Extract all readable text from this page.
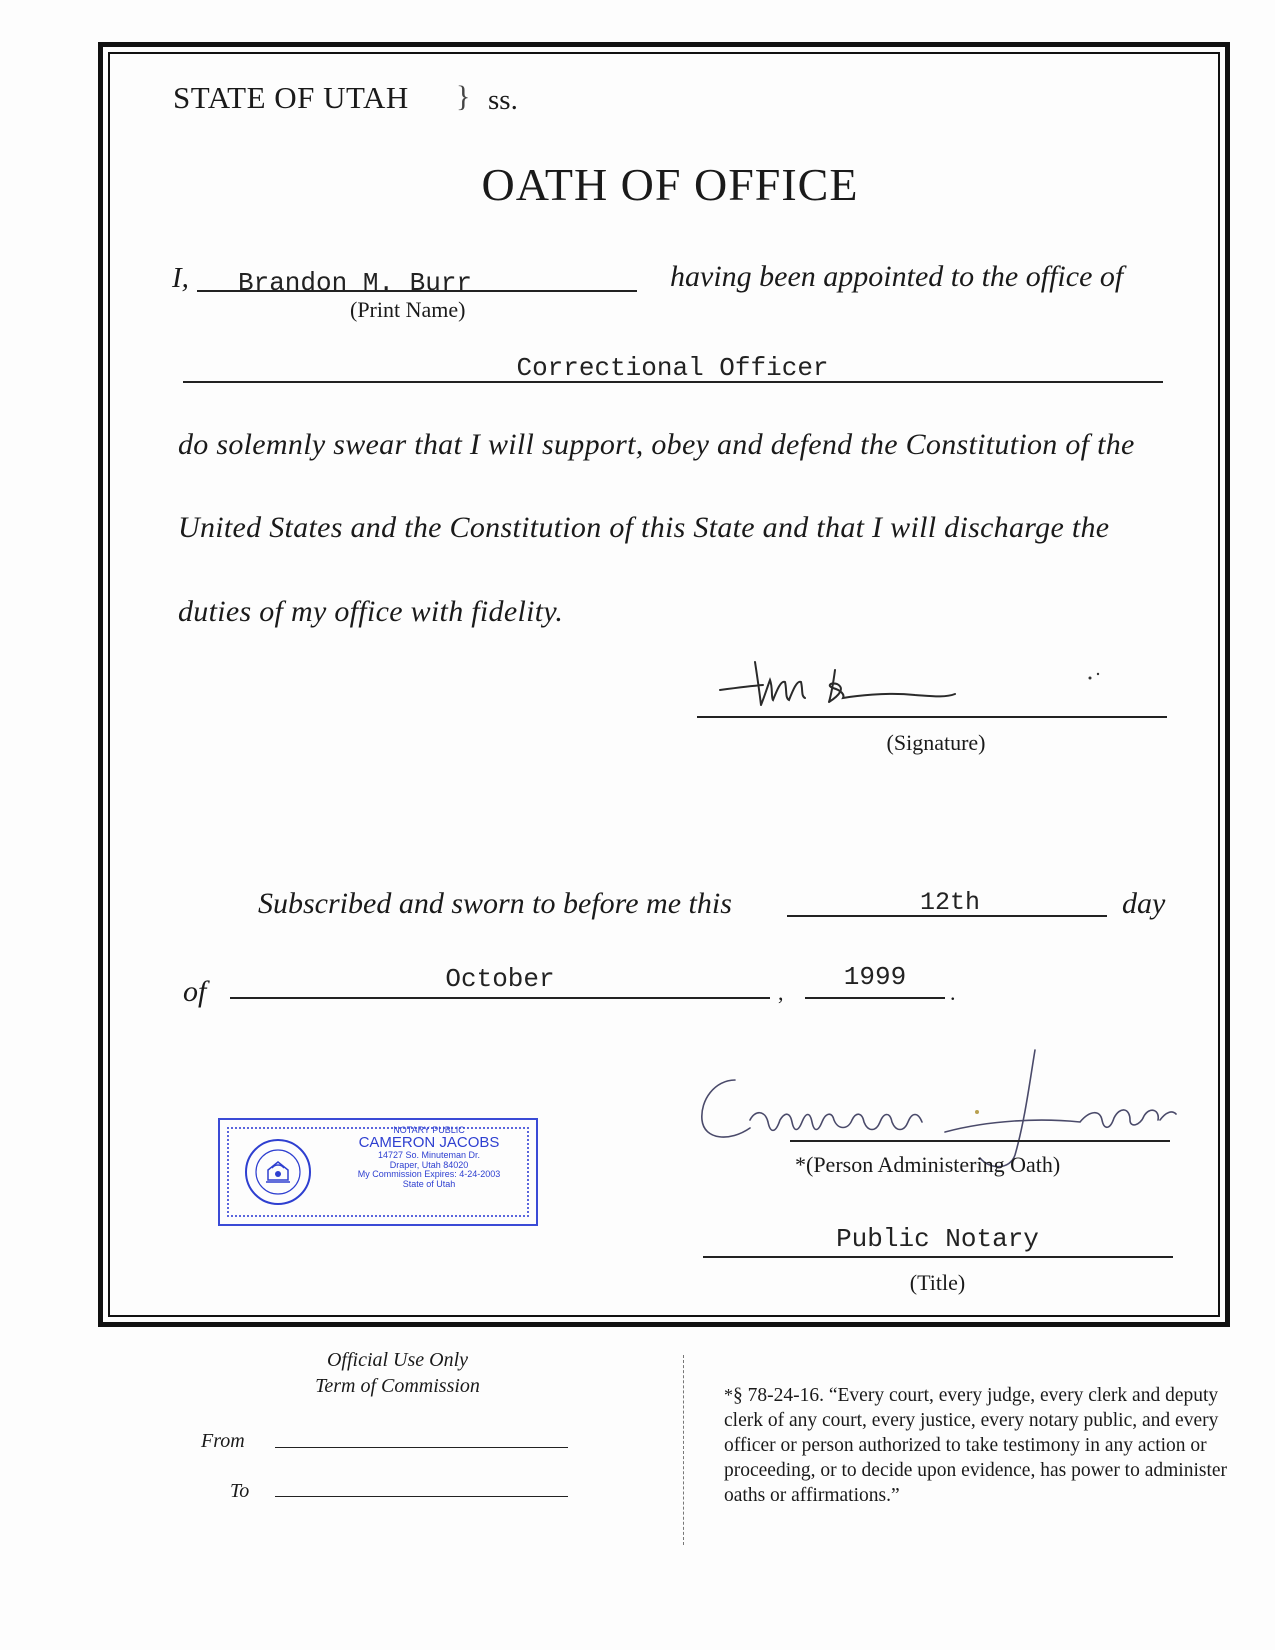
STATE OF UTAH } ss.
OATH OF OFFICE
I, Brandon M. Burr
(Print Name)
having been appointed to the office of
Correctional Officer
do solemnly swear that I will support, obey and defend the Constitution of the
United States and the Constitution of this State and that I will discharge the
duties of my office with fidelity.
(Signature)
Subscribed and sworn to before me this	12th	day
of	October	,
1999
.
NOTARY PUBLIC
CAMERON JACOBS
14727 So. Minuteman Dr.
Draper, Utah 84020
My Commission Expires: 4-24-2003
State of Utah
*(Person Administering Oath)
Public Notary
(Title)
Official Use Only
Term of Commission
From
To
*§ 78-24-16. “Every court, every judge, every clerk and deputy clerk of any court, every justice, every notary public, and every officer or person authorized to take testimony in any action or proceeding, or to decide upon evidence, has power to administer oaths or affirmations.”
